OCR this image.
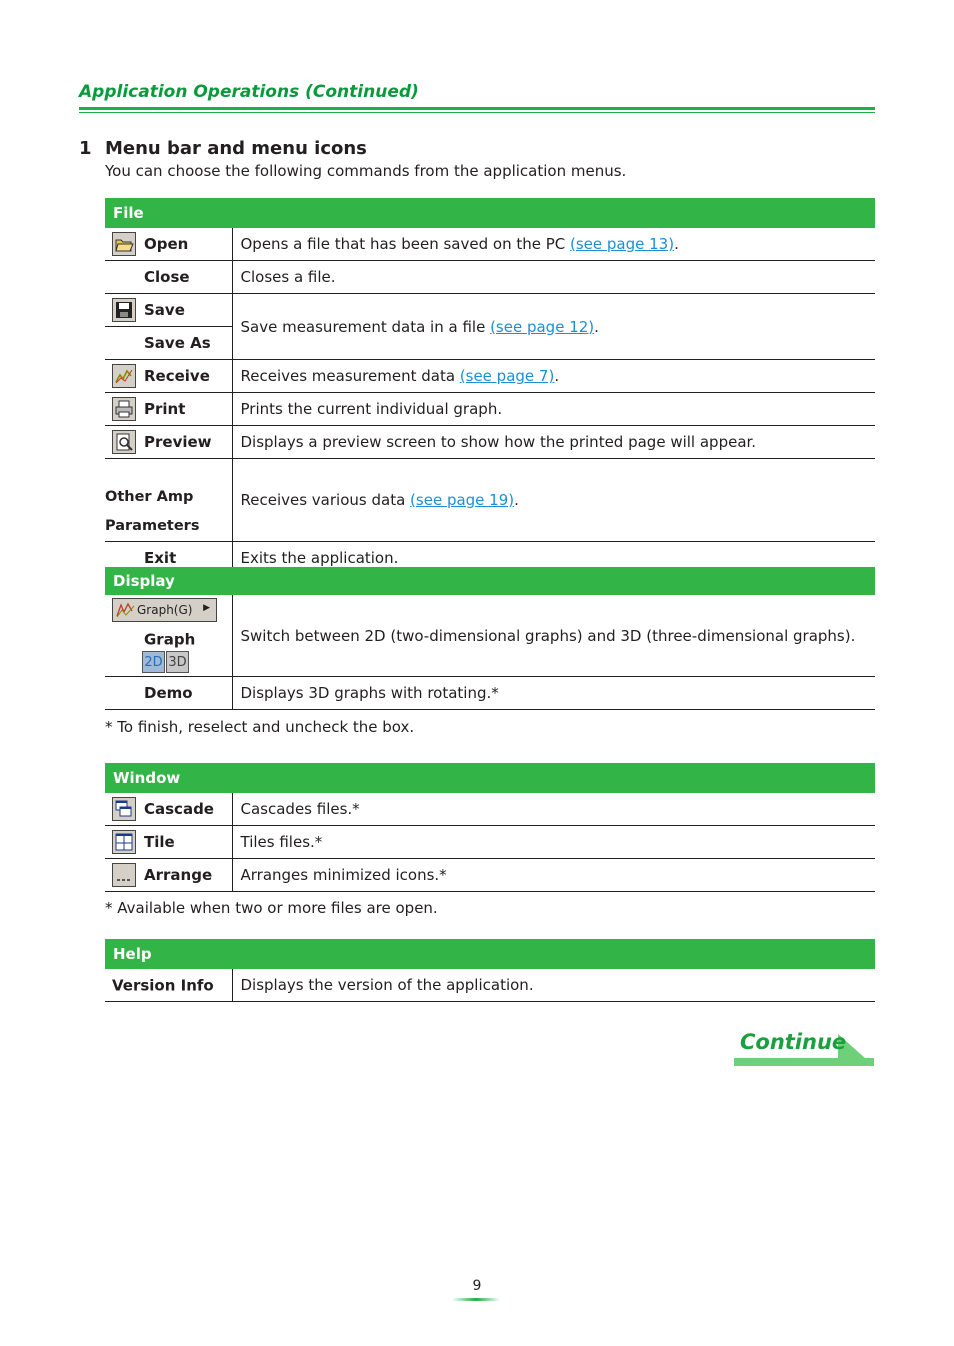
Application Operations (Continued)
1 Menu bar and menu icons
You can choose the following commands from the application menus.
File	

Open	Opens a file that has been saved on the PC (see page 13).
Close	Closes a file.

Save	Save measurement data in a file (see page 12).
Save As	

Receive	Receives measurement data (see page 7).

Print	Prints the current individual graph.

Preview	Displays a preview screen to show how the printed page will appear.
Other Amp
Parameters	Receives various data (see page 19).
Exit	Exits the application.
Display	

Graph(G) ▶
Graph
2D 3D	Switch between 2D (two-dimensional graphs) and 3D (three-dimensional graphs).
Demo	Displays 3D graphs with rotating.*
* To finish, reselect and uncheck the box.
Window	

Cascade	Cascades files.*

Tile	Tiles files.*

Arrange	Arranges minimized icons.*
* Available when two or more files are open.
Help
Version Info	Displays the version of the application.
Continue
9
